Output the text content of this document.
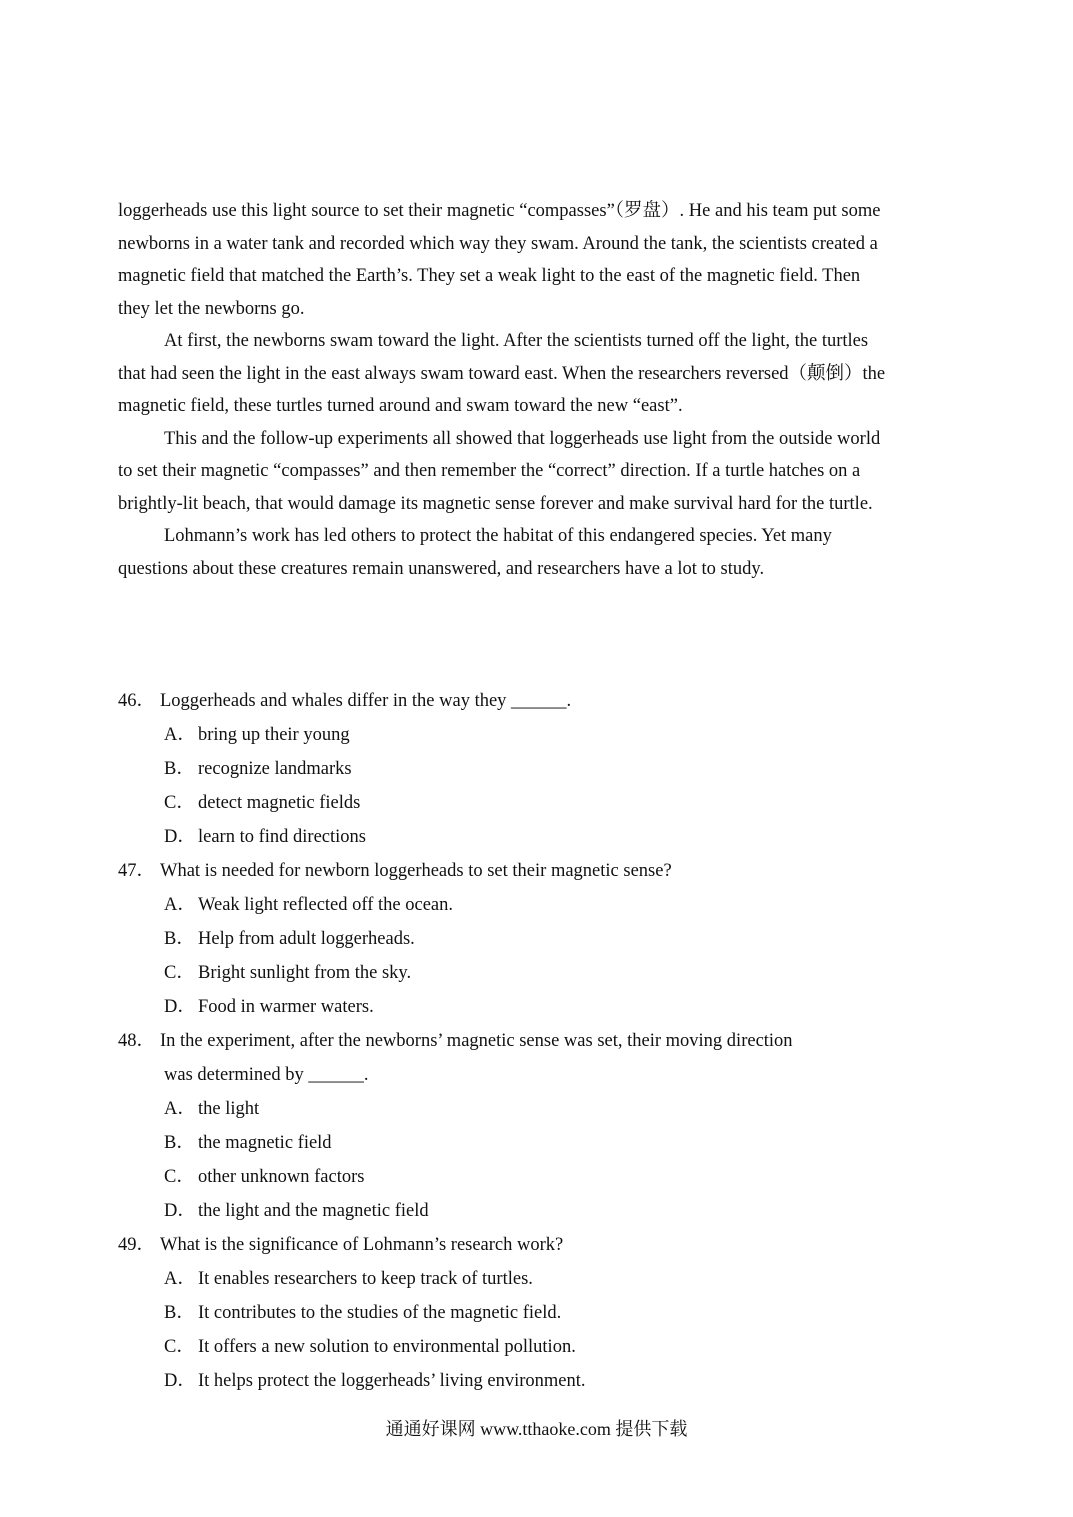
loggerheads use this light source to set their magnetic “compasses”（罗盘）. He and his team put some newborns in a water tank and recorded which way they swam. Around the tank, the scientists created a magnetic field that matched the Earth’s. They set a weak light to the east of the magnetic field. Then they let the newborns go.

At first, the newborns swam toward the light. After the scientists turned off the light, the turtles that had seen the light in the east always swam toward east. When the researchers reversed（颠倒）the magnetic field, these turtles turned around and swam toward the new “east”.

This and the follow-up experiments all showed that loggerheads use light from the outside world to set their magnetic “compasses” and then remember the “correct” direction. If a turtle hatches on a brightly-lit beach, that would damage its magnetic sense forever and make survival hard for the turtle.

Lohmann’s work has led others to protect the habitat of this endangered species. Yet many questions about these creatures remain unanswered, and researchers have a lot to study.

46． Loggerheads and whales differ in the way they ______.
A． bring up their young
B． recognize landmarks
C． detect magnetic fields
D． learn to find directions
47． What is needed for newborn loggerheads to set their magnetic sense?
A． Weak light reflected off the ocean.
B． Help from adult loggerheads.
C． Bright sunlight from the sky.
D． Food in warmer waters.
48． In the experiment, after the newborns’ magnetic sense was set, their moving direction
was determined by ______.
A． the light
B． the magnetic field
C． other unknown factors
D． the light and the magnetic field
49． What is the significance of Lohmann’s research work?
A． It enables researchers to keep track of turtles.
B． It contributes to the studies of the magnetic field.
C． It offers a new solution to environmental pollution.
D． It helps protect the loggerheads’ living environment.
通通好课网 www.tthaoke.com 提供下载
